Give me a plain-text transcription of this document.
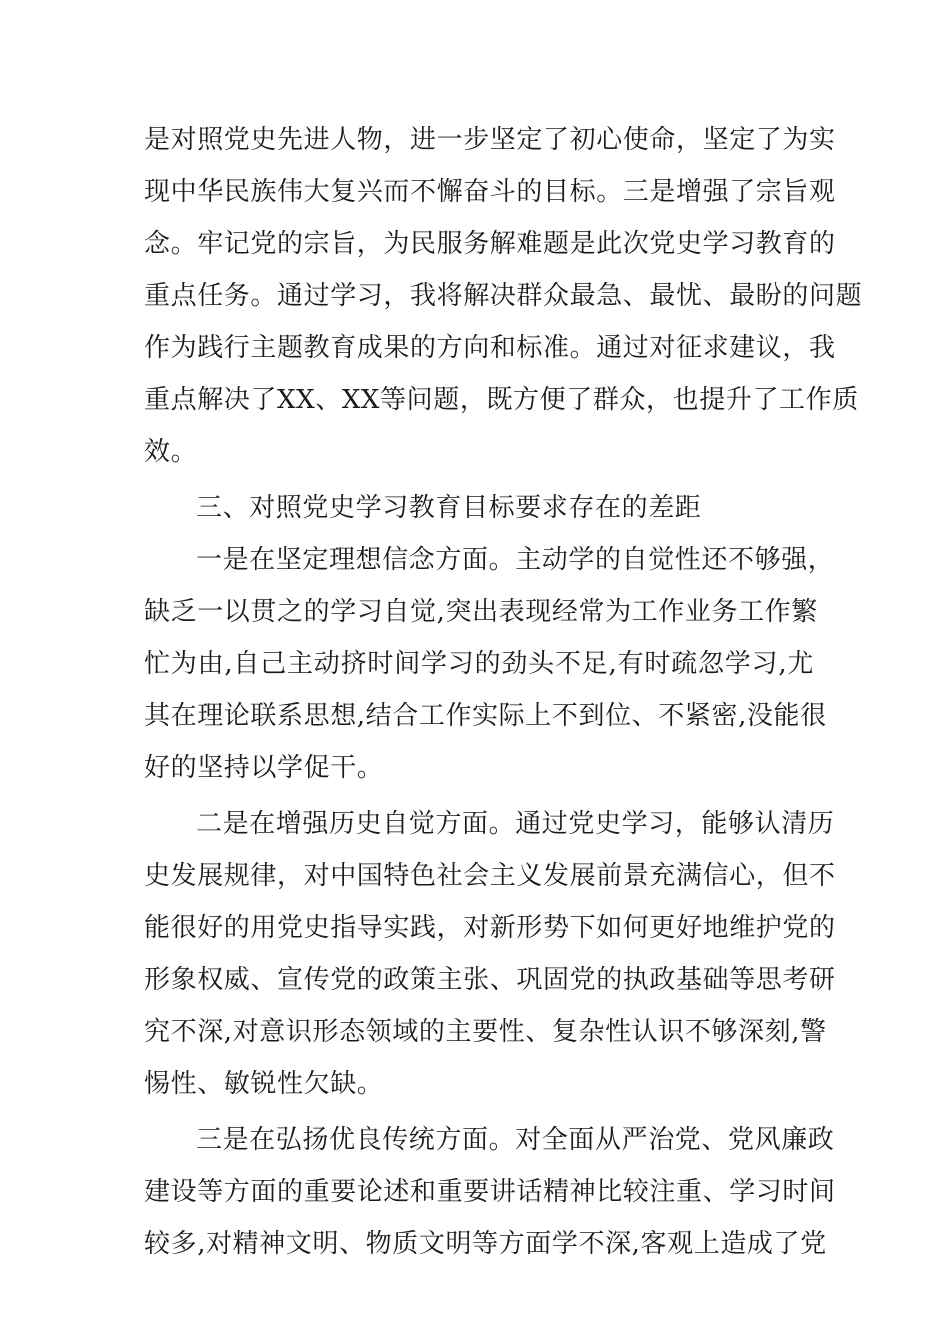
是对照党史先进人物，进一步坚定了初心使命，坚定了为实
现中华民族伟大复兴而不懈奋斗的目标。三是增强了宗旨观
念。牢记党的宗旨，为民服务解难题是此次党史学习教育的
重点任务。通过学习，我将解决群众最急、最忧、最盼的问题
作为践行主题教育成果的方向和标准。通过对征求建议，我
重点解决了XX、XX等问题，既方便了群众，也提升了工作质
效。
三、对照党史学习教育目标要求存在的差距
一是在坚定理想信念方面。主动学的自觉性还不够强，
缺乏一以贯之的学习自觉,突出表现经常为工作业务工作繁
忙为由,自己主动挤时间学习的劲头不足,有时疏忽学习,尤
其在理论联系思想,结合工作实际上不到位、不紧密,没能很
好的坚持以学促干。
二是在增强历史自觉方面。通过党史学习，能够认清历
史发展规律，对中国特色社会主义发展前景充满信心，但不
能很好的用党史指导实践，对新形势下如何更好地维护党的
形象权威、宣传党的政策主张、巩固党的执政基础等思考研
究不深,对意识形态领域的主要性、复杂性认识不够深刻,警
惕性、敏锐性欠缺。
三是在弘扬优良传统方面。对全面从严治党、党风廉政
建设等方面的重要论述和重要讲话精神比较注重、学习时间
较多,对精神文明、物质文明等方面学不深,客观上造成了党
